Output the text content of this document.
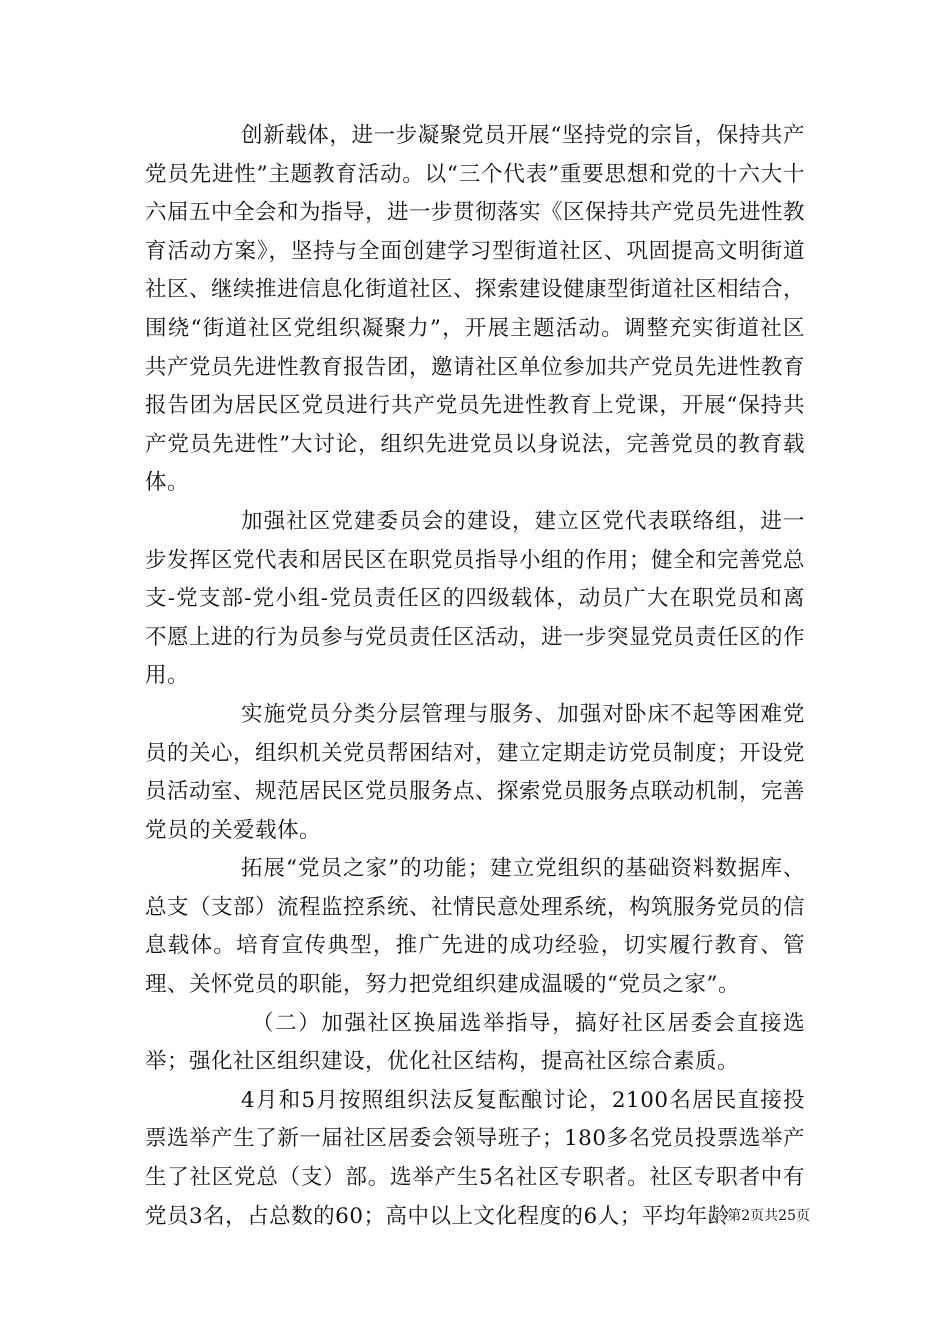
创新载体，进一步凝聚党员开展“坚持党的宗旨，保持共产党员先进性”主题教育活动。以“三个代表”重要思想和党的十六大十六届五中全会和为指导，进一步贯彻落实《区保持共产党员先进性教育活动方案》，坚持与全面创建学习型街道社区、巩固提高文明街道社区、继续推进信息化街道社区、探索建设健康型街道社区相结合，围绕“街道社区党组织凝聚力”，开展主题活动。调整充实街道社区共产党员先进性教育报告团，邀请社区单位参加共产党员先进性教育报告团为居民区党员进行共产党员先进性教育上党课，开展“保持共产党员先进性”大讨论，组织先进党员以身说法，完善党员的教育载体。

加强社区党建委员会的建设，建立区党代表联络组，进一步发挥区党代表和居民区在职党员指导小组的作用；健全和完善党总支-党支部-党小组-党员责任区的四级载体，动员广大在职党员和离不愿上进的行为员参与党员责任区活动，进一步突显党员责任区的作用。

实施党员分类分层管理与服务、加强对卧床不起等困难党员的关心，组织机关党员帮困结对，建立定期走访党员制度；开设党员活动室、规范居民区党员服务点、探索党员服务点联动机制，完善党员的关爱载体。

拓展“党员之家”的功能；建立党组织的基础资料数据库、总支（支部）流程监控系统、社情民意处理系统，构筑服务党员的信息载体。培育宣传典型，推广先进的成功经验，切实履行教育、管理、关怀党员的职能，努力把党组织建成温暖的“党员之家”。

（二）加强社区换届选举指导，搞好社区居委会直接选举；强化社区组织建设，优化社区结构，提高社区综合素质。

4月和5月按照组织法反复酝酿讨论，2100名居民直接投票选举产生了新一届社区居委会领导班子；180多名党员投票选举产生了社区党总（支）部。选举产生5名社区专职者。社区专职者中有党员3名，占总数的60；高中以上文化程度的6人；平均年龄

第2页共25页
